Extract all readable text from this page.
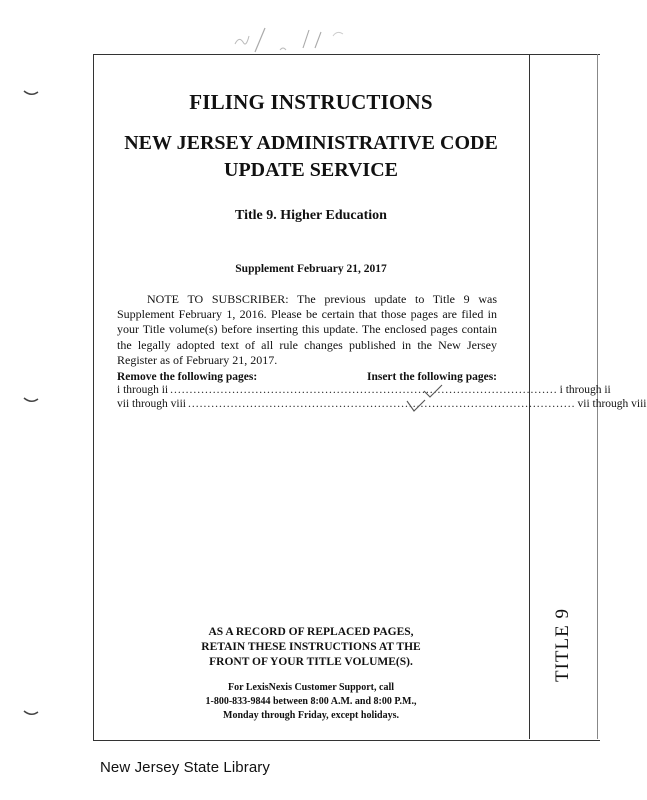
TITLE 9
FILING INSTRUCTIONS
NEW JERSEY ADMINISTRATIVE CODE
UPDATE SERVICE
Title 9. Higher Education
Supplement February 21, 2017
NOTE TO SUBSCRIBER: The previous update to Title 9 was Supplement February 1, 2016. Please be certain that those pages are filed in your Title volume(s) before inserting this update. The enclosed pages contain the legally adopted text of all rule changes published in the New Jersey Register as of February 21, 2017.
Remove the following pages:	Insert the following pages:
i through ii .................................................................................................... i through ii
vii through viii .................................................................................................... vii through viii
AS A RECORD OF REPLACED PAGES,
RETAIN THESE INSTRUCTIONS AT THE
FRONT OF YOUR TITLE VOLUME(S).
For LexisNexis Customer Support, call
1-800-833-9844 between 8:00 A.M. and 8:00 P.M.,
Monday through Friday, except holidays.
New Jersey State Library
